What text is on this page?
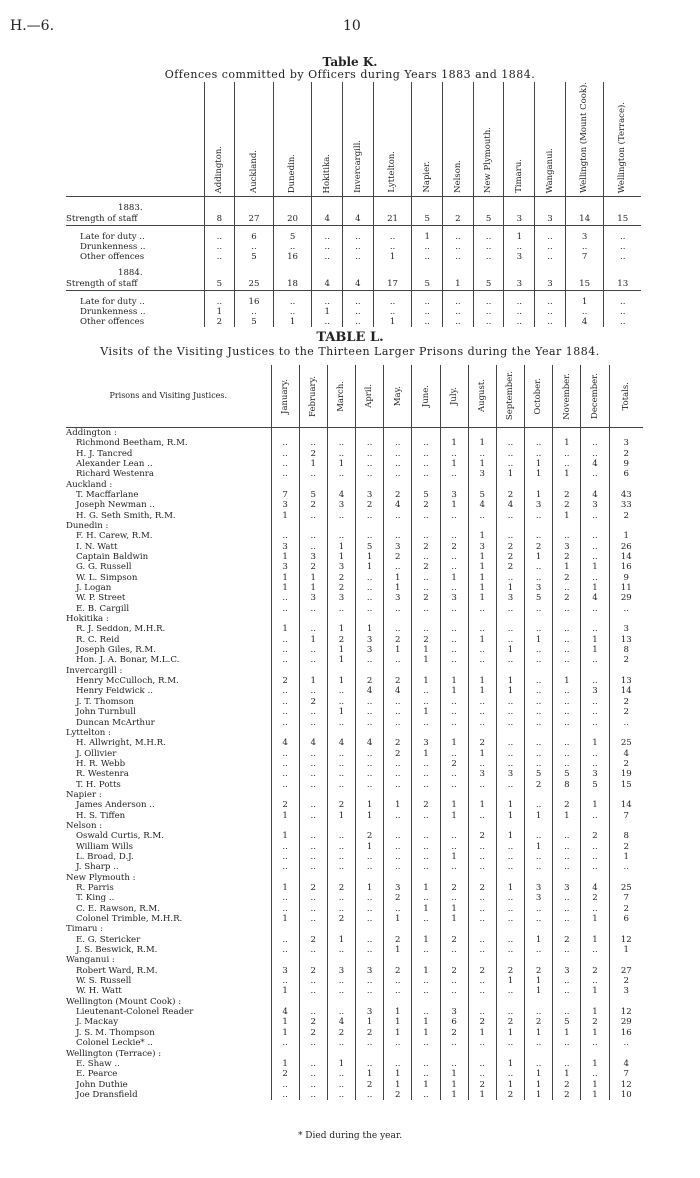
H.—6.	10
Table K.
Offences committed by Officers during Years 1883 and 1884.

	Addington.	Auckland.	Dunedin.	Hokitika.	Invercargill.	Lyttelton.	Napier.	Nelson.	New Plymouth.	Timaru.	Wanganui.	Wellington (Mount Cook).	Wellington (Terrace).

1883.													
Strength of staff	8	27	20	4	4	21	5	2	5	3	3	14	15

Late for duty ..	..	6	5	..	..	..	1	..	..	1	..	3	..
Drunkenness ..	..	..	..	..	..	..	..	..	..	..	..	..	..
Other offences	..	5	16	..	..	1	..	..	..	3	..	7	..

1884.													
Strength of staff	5	25	18	4	4	17	5	1	5	3	3	15	13

Late for duty ..	..	16	..	..	..	..	..	..	..	..	..	1	..
Drunkenness ..	1	..	..	1	..	..	..	..	..	..	..	..	..
Other offences	2	5	1	..	..	1	..	..	..	..	..	4	..
TABLE L.
Visits of the Visiting Justices to the Thirteen Larger Prisons during the Year 1884.
Prisons and Visiting Justices.	January.	February.	March.	April.	May.	June.	July.	August.	September.	October.	November.	December.	Totals.

Addington :													
Richmond Beetham, R.M.	..	..	..	..	..	..	1	1	..	..	1	..	3
H. J. Tancred	..	2	..	..	..	..	..	..	..	..	..	..	2
Alexander Lean ..	..	1	1	..	..	..	1	1	..	1	..	4	9
Richard Westenra	..	..	..	..	..	..	..	3	1	1	1	..	6
Auckland :													
T. Macffarlane	7	5	4	3	2	5	3	5	2	1	2	4	43
Joseph Newman ..	3	2	3	2	4	2	1	4	4	3	2	3	33
H. G. Seth Smith, R.M.	1	..	..	..	..	..	..	..	..	..	1	..	2
Dunedin :													
F. H. Carew, R.M.	..	..	..	..	..	..	..	1	..	..	..	..	1
I. N. Watt	3	..	1	5	3	2	2	3	2	2	3	..	26
Captain Baldwin	1	3	1	1	2	..	..	1	2	1	2	..	14
G. G. Russell	3	2	3	1	..	2	..	1	2	..	1	1	16
W. L. Simpson	1	1	2	..	1	..	1	1	..	..	2	..	9
J. Logan	1	1	2	..	1	..	..	1	1	3	..	1	11
W. P. Street	..	3	3	..	3	2	3	1	3	5	2	4	29
E. B. Cargill	..	..	..	..	..	..	..	..	..	..	..	..	..
Hokitika :													
R. J. Seddon, M.H.R.	1	..	1	1	..	..	..	..	..	..	..	..	3
R. C. Reid	..	1	2	3	2	2	..	1	..	1	..	1	13
Joseph Giles, R.M.	..	..	1	3	1	1	..	..	1	..	..	1	8
Hon. J. A. Bonar, M.L.C.	..	..	1	..	..	1	..	..	..	..	..	..	2
Invercargill :													
Henry McCulloch, R.M.	2	1	1	2	2	1	1	1	1	..	1	..	13
Henry Feldwick ..	..	..	..	4	4	..	1	1	1	..	..	3	14
J. T. Thomson	..	2	..	..	..	..	..	..	..	..	..	..	2
John Turnbull	..	..	1	..	..	1	..	..	..	..	..	..	2
Duncan McArthur	..	..	..	..	..	..	..	..	..	..	..	..	..
Lyttelton :													
H. Allwright, M.H.R.	4	4	4	4	2	3	1	2	..	..	..	1	25
J. Ollivier	..	..	..	..	2	1	..	1	..	..	..	..	4
H. R. Webb	..	..	..	..	..	..	2	..	..	..	..	..	2
R. Westenra	..	..	..	..	..	..	..	3	3	5	5	3	19
T. H. Potts	..	..	..	..	..	..	..	..	..	2	8	5	15
Napier :													
James Anderson ..	2	..	2	1	1	2	1	1	1	..	2	1	14
H. S. Tiffen	1	..	1	1	..	..	1	..	1	1	1	..	7
Nelson :													
Oswald Curtis, R.M.	1	..	..	2	..	..	..	2	1	..	..	2	8
William Wills	..	..	..	1	..	..	..	..	..	1	..	..	2
L. Broad, D.J.	..	..	..	..	..	..	1	..	..	..	..	..	1
J. Sharp ..	..	..	..	..	..	..	..	..	..	..	..	..	..
New Plymouth :													
R. Parris	1	2	2	1	3	1	2	2	1	3	3	4	25
T. King ..	..	..	..	..	2	..	..	..	..	3	..	2	7
C. E. Rawson, R.M.	..	..	..	..	..	1	1	..	..	..	..	..	2
Colonel Trimble, M.H.R.	1	..	2	..	1	..	1	..	..	..	..	1	6
Timaru :													
E. G. Stericker	..	2	1	..	2	1	2	..	..	1	2	1	12
J. S. Beswick, R.M.	..	..	..	..	1	..	..	..	..	..	..	..	1
Wanganui :													
Robert Ward, R.M.	3	2	3	3	2	1	2	2	2	2	3	2	27
W. S. Russell	..	..	..	..	..	..	..	..	1	1	..	..	2
W. H. Watt	1	..	..	..	..	..	..	..	..	1	..	1	3
Wellington (Mount Cook) :													
Lieutenant-Colonel Reader	4	..	..	3	1	..	3	..	..	..	..	1	12
J. Mackay	1	2	4	1	1	1	6	2	2	2	5	2	29
J. S. M. Thompson	1	2	2	2	1	1	2	1	1	1	1	1	16
Colonel Leckie* ..	..	..	..	..	..	..	..	..	..	..	..	..	..
Wellington (Terrace) :													
E. Shaw ..	1	..	1	..	..	..	..	..	1	..	..	1	4
E. Pearce	2	..	..	1	1	..	1	..	..	1	1	..	7
John Duthie	..	..	..	2	1	1	1	2	1	1	2	1	12
Joe Dransfield	..	..	..	..	2	..	1	1	2	1	2	1	10
* Died during the year.
